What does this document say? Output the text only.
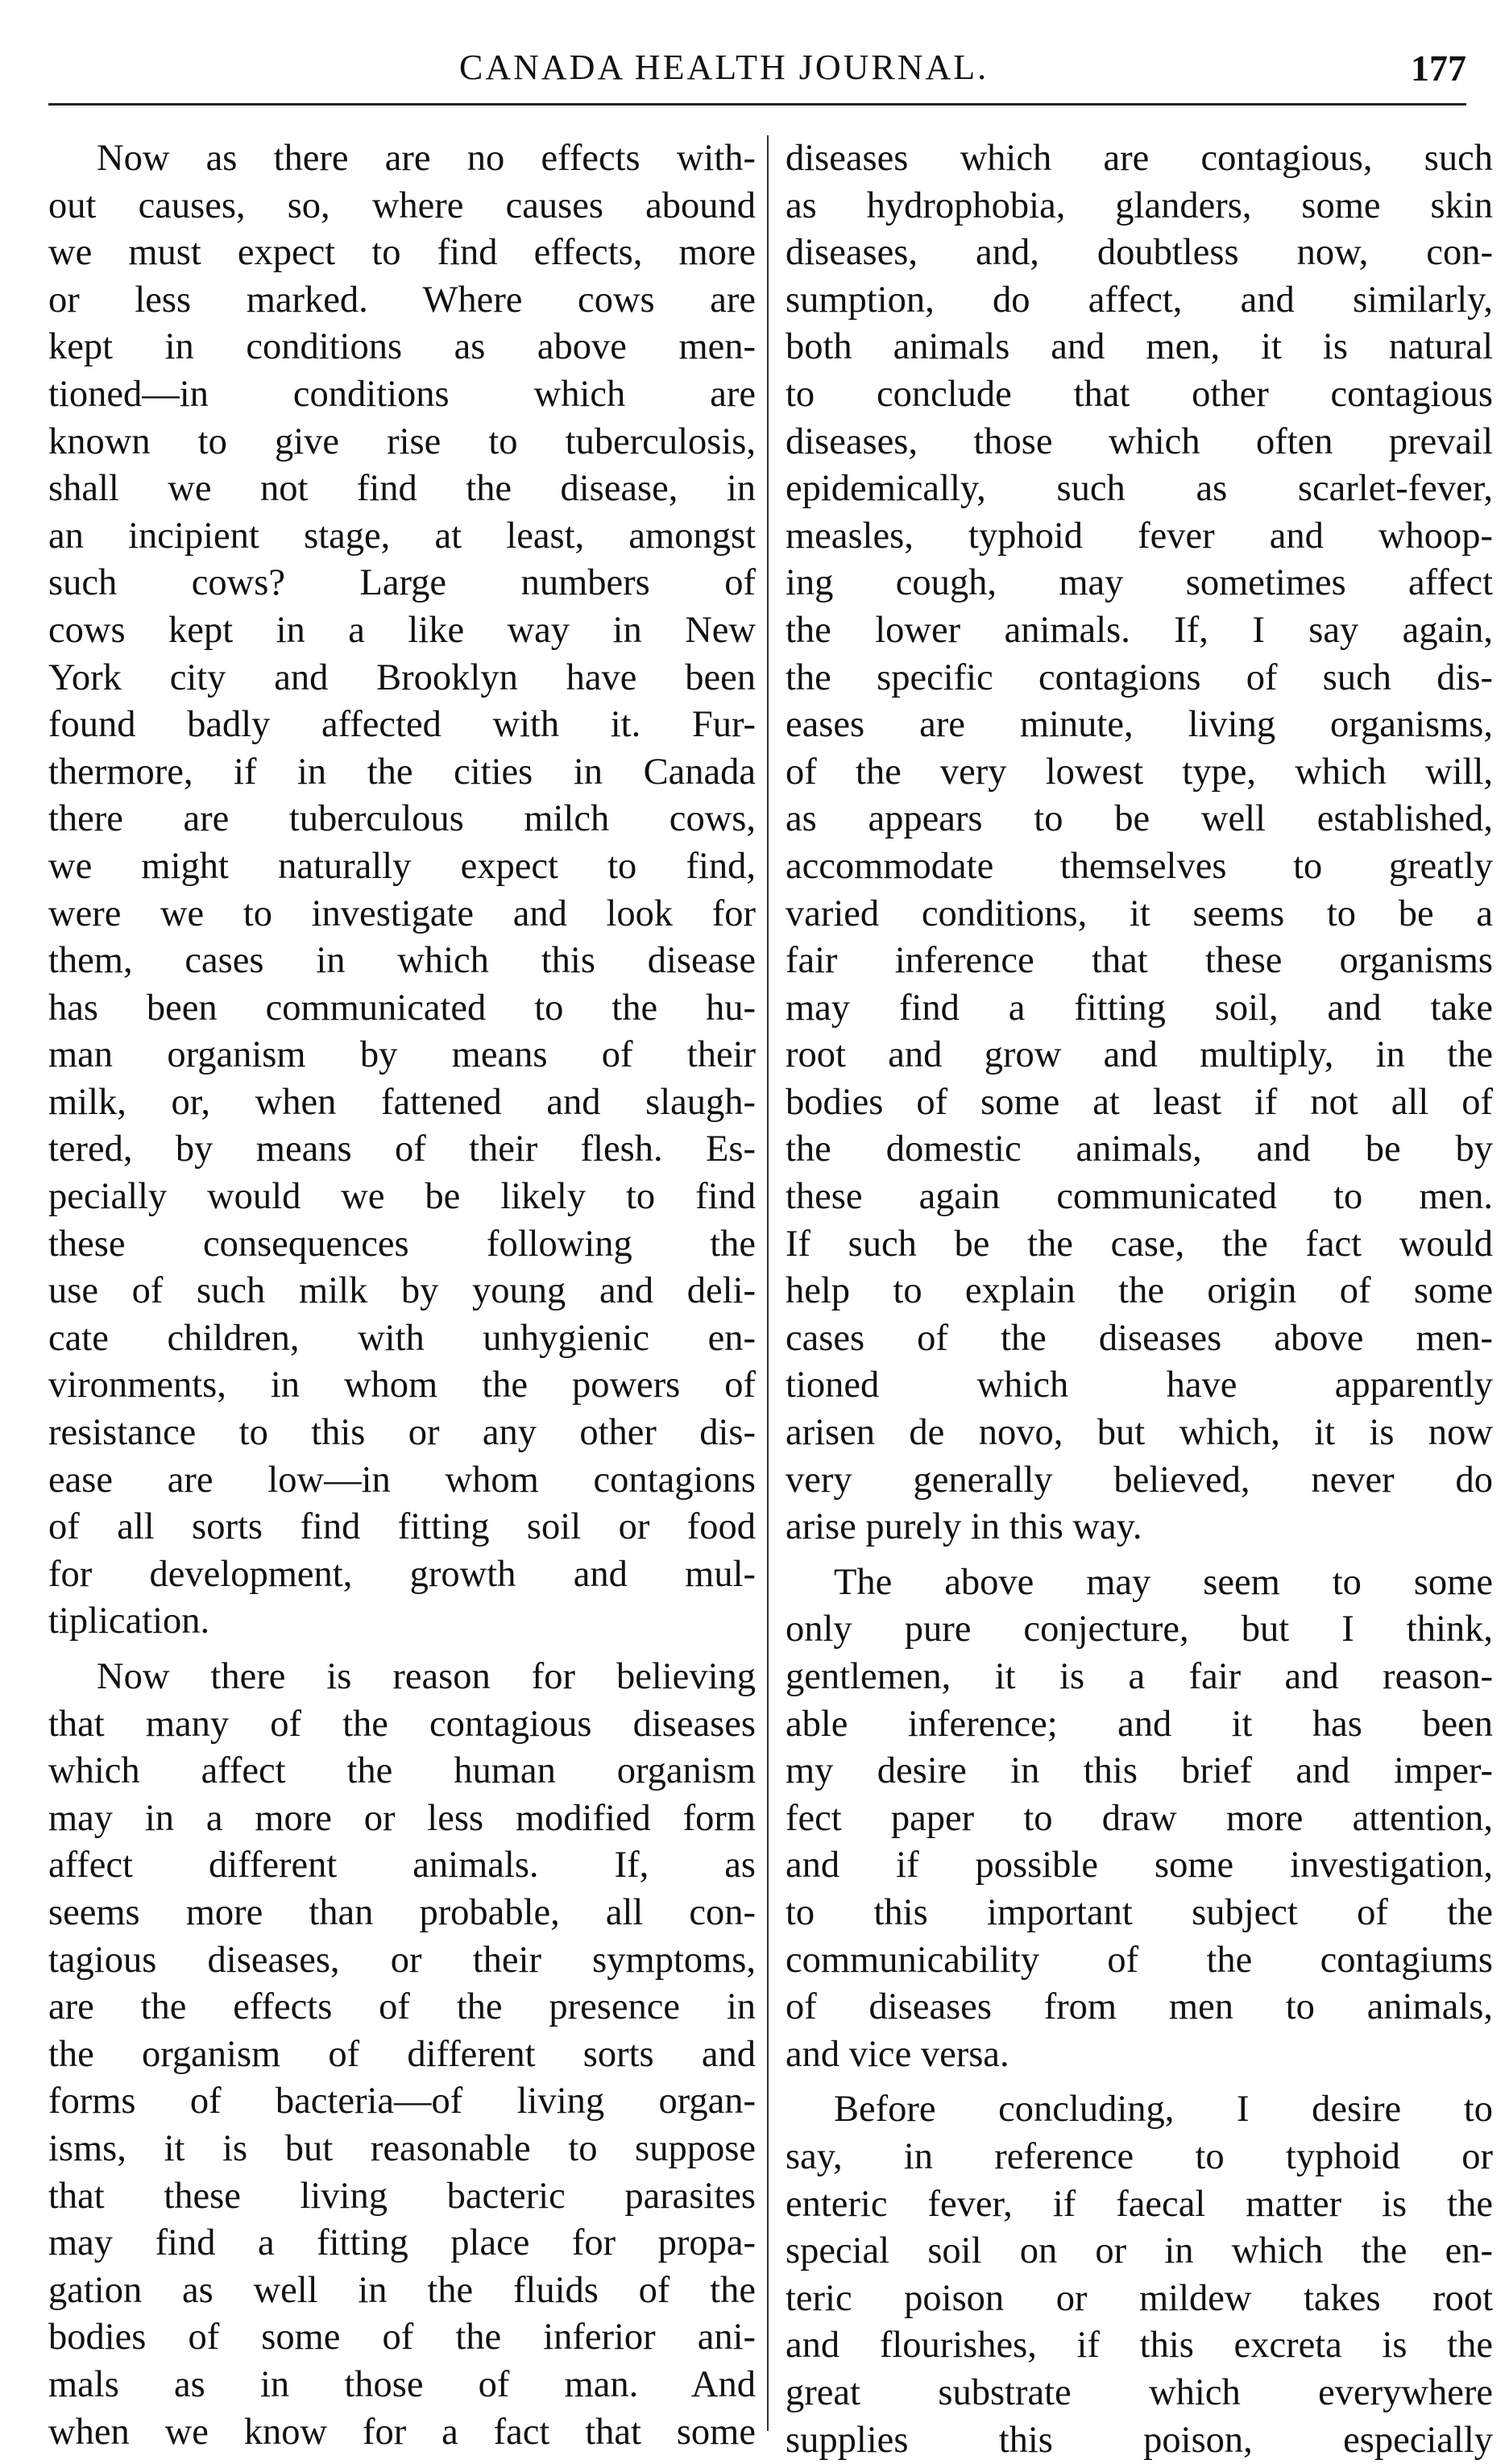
CANADA HEALTH JOURNAL.	177
Now as there are no effects with-
out causes, so, where causes abound
we must expect to find effects, more
or less marked. Where cows are
kept in conditions as above men-
tioned—in conditions which are
known to give rise to tuberculosis,
shall we not find the disease, in
an incipient stage, at least, amongst
such cows? Large numbers of
cows kept in a like way in New
York city and Brooklyn have been
found badly affected with it. Fur-
thermore, if in the cities in Canada
there are tuberculous milch cows,
we might naturally expect to find,
were we to investigate and look for
them, cases in which this disease
has been communicated to the hu-
man organism by means of their
milk, or, when fattened and slaugh-
tered, by means of their flesh. Es-
pecially would we be likely to find
these consequences following the
use of such milk by young and deli-
cate children, with unhygienic en-
vironments, in whom the powers of
resistance to this or any other dis-
ease are low—in whom contagions
of all sorts find fitting soil or food
for development, growth and mul-
tiplication.
Now there is reason for believing
that many of the contagious diseases
which affect the human organism
may in a more or less modified form
affect different animals. If, as
seems more than probable, all con-
tagious diseases, or their symptoms,
are the effects of the presence in
the organism of different sorts and
forms of bacteria—of living organ-
isms, it is but reasonable to suppose
that these living bacteric parasites
may find a fitting place for propa-
gation as well in the fluids of the
bodies of some of the inferior ani-
mals as in those of man. And
when we know for a fact that some
diseases which are contagious, such
as hydrophobia, glanders, some skin
diseases, and, doubtless now, con-
sumption, do affect, and similarly,
both animals and men, it is natural
to conclude that other contagious
diseases, those which often prevail
epidemically, such as scarlet-fever,
measles, typhoid fever and whoop-
ing cough, may sometimes affect
the lower animals. If, I say again,
the specific contagions of such dis-
eases are minute, living organisms,
of the very lowest type, which will,
as appears to be well established,
accommodate themselves to greatly
varied conditions, it seems to be a
fair inference that these organisms
may find a fitting soil, and take
root and grow and multiply, in the
bodies of some at least if not all of
the domestic animals, and be by
these again communicated to men.
If such be the case, the fact would
help to explain the origin of some
cases of the diseases above men-
tioned which have apparently
arisen de novo, but which, it is now
very generally believed, never do
arise purely in this way.
The above may seem to some
only pure conjecture, but I think,
gentlemen, it is a fair and reason-
able inference; and it has been
my desire in this brief and imper-
fect paper to draw more attention,
and if possible some investigation,
to this important subject of the
communicability of the contagiums
of diseases from men to animals,
and vice versa.
Before concluding, I desire to
say, in reference to typhoid or
enteric fever, if faecal matter is the
special soil on or in which the en-
teric poison or mildew takes root
and flourishes, if this excreta is the
great substrate which everywhere
supplies this poison, especially
